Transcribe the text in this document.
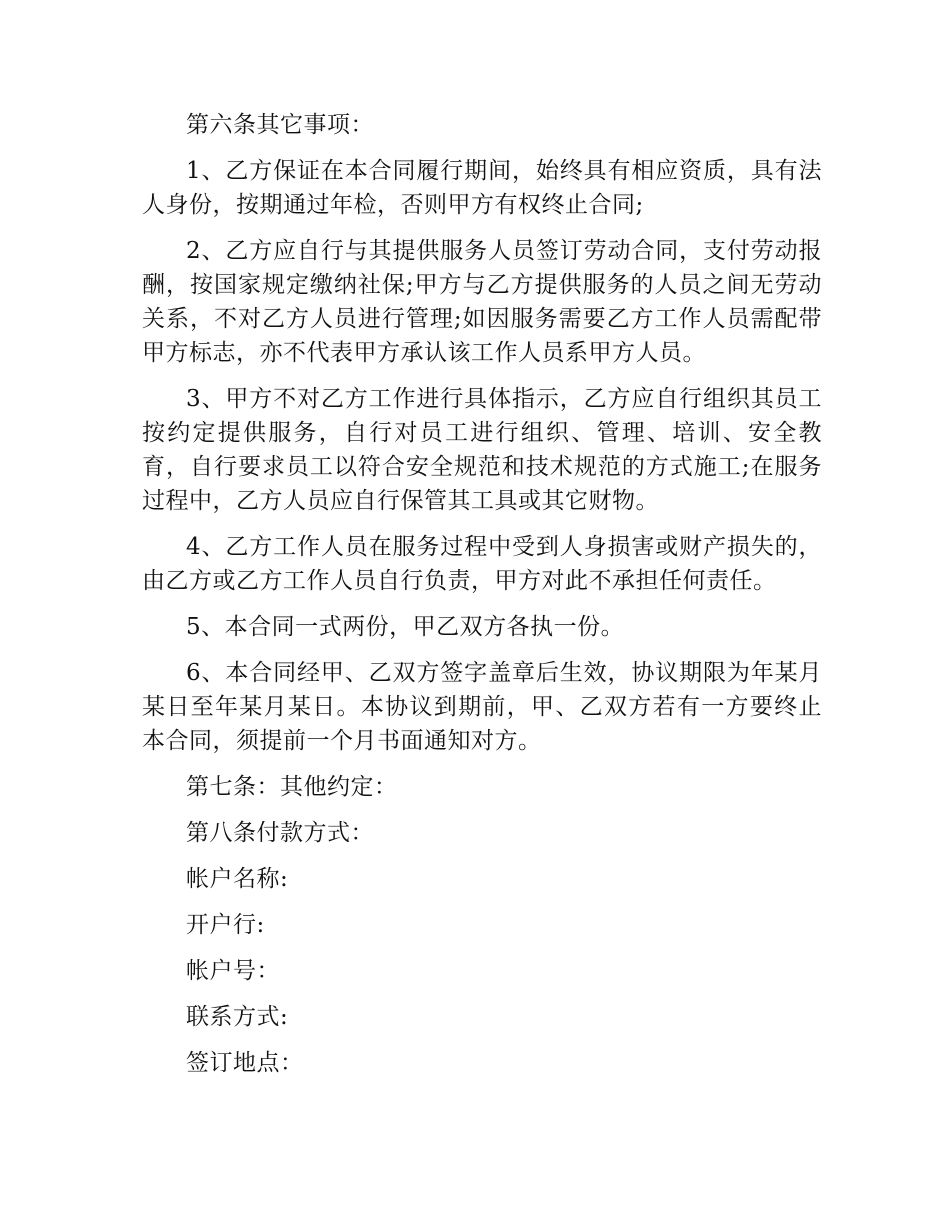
第六条其它事项：

1、乙方保证在本合同履行期间，始终具有相应资质，具有法人身份，按期通过年检，否则甲方有权终止合同;

2、乙方应自行与其提供服务人员签订劳动合同，支付劳动报酬，按国家规定缴纳社保;甲方与乙方提供服务的人员之间无劳动关系，不对乙方人员进行管理;如因服务需要乙方工作人员需配带甲方标志，亦不代表甲方承认该工作人员系甲方人员。

3、甲方不对乙方工作进行具体指示，乙方应自行组织其员工按约定提供服务，自行对员工进行组织、管理、培训、安全教育，自行要求员工以符合安全规范和技术规范的方式施工;在服务过程中，乙方人员应自行保管其工具或其它财物。

4、乙方工作人员在服务过程中受到人身损害或财产损失的，由乙方或乙方工作人员自行负责，甲方对此不承担任何责任。

5、本合同一式两份，甲乙双方各执一份。

6、本合同经甲、乙双方签字盖章后生效，协议期限为年某月某日至年某月某日。本协议到期前，甲、乙双方若有一方要终止本合同，须提前一个月书面通知对方。

第七条：其他约定：

第八条付款方式：

帐户名称:

开户行:

帐户号：

联系方式:

签订地点：
